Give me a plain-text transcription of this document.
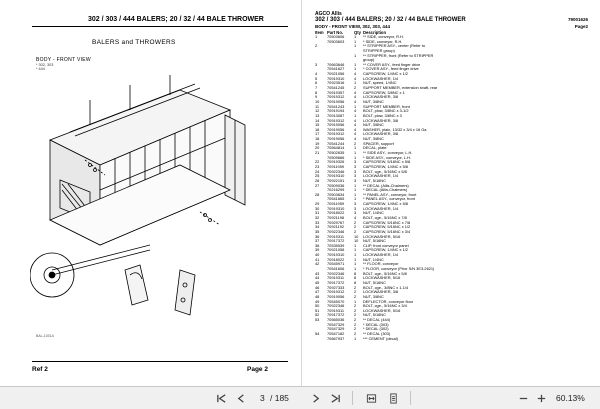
302 / 303 / 444 BALERS; 20 / 32 / 44 BALE THROWER
BALERS and THROWERS
BODY - FRONT VIEW
* 302, 303
* 444
BAL-1031A
Ref 2	Page 2
AGCO Allis
302 / 303 / 444 BALERS; 20 / 32 / 44 BALE THROWER	79001626
BODY - FRONT VIEW, 302, 303, 444	Page2
Item Part No.	Qty Description
1	70503606 1 ** SIDE, conveyor, R.H.
70503603 1 * SIDE, conveyor, R.H.
2	1 ** STRIPPER ASY., center (Refer to
STRIPPER group)
1 ** STRIPPER, front (Refer to STRIPPER
group)
3	70663646 1 ** COVER ASY., feed finger drive
70541627 1 * COVER ASY., feed finger drive
4	70921056 4 CAPSCREW, 1/4NC x 1/2
5	70919310 4 LOCKWASHER, 1/4
6	70923516 1 NUT, speed, 1/4NC
7	70541245 2 SUPPORT MEMBER, extension shaft, rear
8	70919357 4 CAPSCREW, 3/8NC x 1
9	70919312 4 LOCKWASHER, 3/8
10 70919056 4 NUT, 3/8NC
11 70541243 1 SUPPORT MEMBER, front
12 70919194 4 BOLT, plow, 3/8NC x 3-1/2
13 70913087 1 BOLT, plow, 3/8NC x 3
14 70919312 4 LOCKWASHER, 3/8
15 70919056 4 NUT, 3/8NC
16 70919056 4 WASHER, plain, 13/32 x 3/4 x 16 Ga
17 70919312 4 LOCKWASHER, 3/8
18 70919056 4 NUT, 3/8NC
19 70541244 2 SPACER, support
20 70564814 1 DECAL, plate
21 70502635 1 ** SIDE ASY., conveyor, L.H.
70509666 1 * SIDE ASY., conveyor, L.H.
22 70919326 3 CAPSCREW, 5/16NC x 5/8
23 70911959	3 CAPSCREW, 1/4NC x 5/8
24 70922346 3 BOLT, cge., 5/16NC x 5/8
25 70919310 3 LOCKWASHER, 1/4
26 70922151 3 NUT, 5/16NC
27 70509036 1 ** DECAL (Allis-Chalmers)
70216299 1 * DECAL (Allis-Chalmers)
28 70503634 1 ** PANEL ASY., conveyor, front
70541665 1 * PANEL ASY., conveyor, front
29 70911959	3 CAPSCREW, 1/4NC x 5/8
30 70919310 3 LOCKWASHER, 1/4
31 70918022 3 NUT, 1/4NC
32 70921198	4 BOLT, cge., 5/16NC x 7/8
33 70929767 2 CAPSCREW, 5/16NC x 7/8
34 70921192	2 CAPSCREW, 5/16NC x 1/2
35 70922346 2 CAPSCREW, 5/16NC x 3/4
36 70919311	10 LOCKWASHER, 5/16
37 70917372 10 NUT, 5/16NC
38 70535539 1 CLIP, front conveyor panel
39 70921058 1 CAPSCREW, 1/4NC x 1/2
40 70919310 1 LOCKWASHER, 1/4
41 70918022 1 NUT, 1/4NC
42 70545971 1 ** FLOOR, conveyor
70541606 1 * FLOOR, conveyor (Prior S/N 3E3-2621)
43 70922346 8 BOLT, cge., 5/16NC x 5/8
44 70919311	8 LOCKWASHER, 5/16
45 70917372 8 NUT, 5/16NC
46 70927333 2 BOLT, cge., 3/8NC x 1-1/4
47 70919312 2 LOCKWASHER, 3/8
48 70919056 2 NUT, 3/8NC
49 70545070 1 DEFLECTOR, conveyor floor
50 70922346 2 BOLT, cge., 5/16NC x 3/4
51 70919311	2 LOCKWASHER, 5/16
52 70917372 2 NUT, 5/16NC
53 70565036 2 ** DECAL (444)
70547329 2 * DECAL (303)
70547329 2 * DECAL (302)
54 70547182 2 ** DECAL (303)
70667937 1 *** CEMENT (decal)
3 / 185	60.13%
